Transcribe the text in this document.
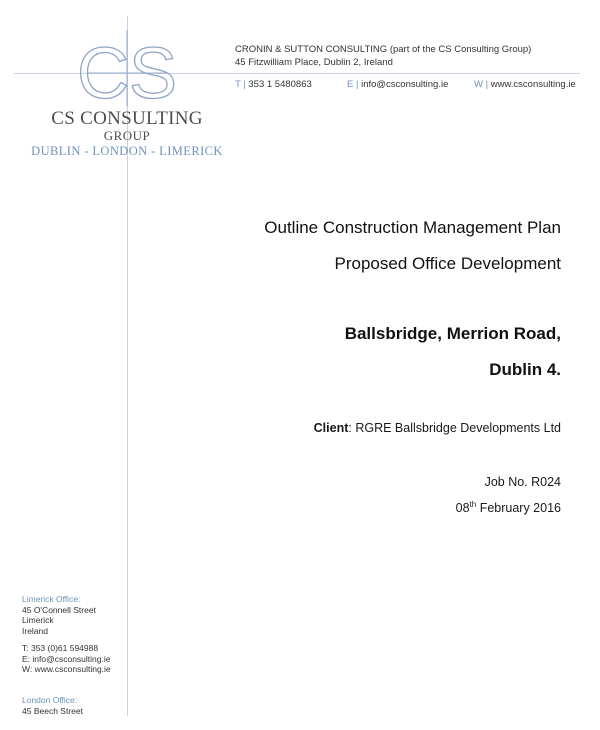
CS
CS CONSULTING
GROUP
DUBLIN - LONDON - LIMERICK
CRONIN & SUTTON CONSULTING (part of the CS Consulting Group)
45 Fitzwilliam Place, Dublin 2, Ireland
T | 353 1 5480863	E | info@csconsulting.ie	W | www.csconsulting.ie
Outline Construction Management Plan
Proposed Office Development
Ballsbridge, Merrion Road,
Dublin 4.
Client: RGRE Ballsbridge Developments Ltd
Job No. R024
08th February 2016
Limerick Office:
45 O'Connell Street
Limerick
Ireland
T: 353 (0)61 594988
E: info@csconsulting.ie
W: www.csconsulting.ie
London Office:
45 Beech Street
